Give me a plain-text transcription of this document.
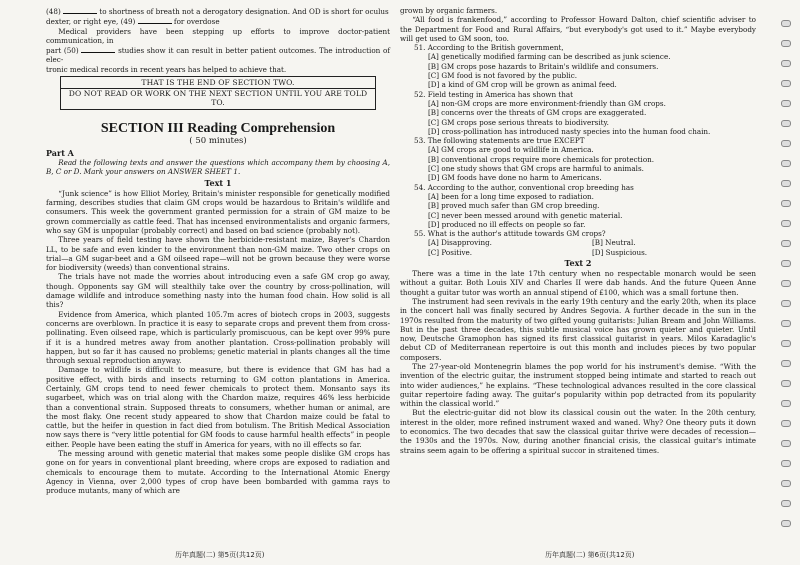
(48)	to shortness of breath not a derogatory designation. And OD is short for oculus

dexter, or right eye, (49)	for overdose

Medical providers have been stepping up efforts to improve doctor-patient communication, in

part (50)	studies show it can result in better patient outcomes. The introduction of elec-

tronic medical records in recent years has helped to achieve that.

THAT IS THE END OF SECTION TWO.
DO NOT READ OR WORK ON THE NEXT SECTION UNTIL YOU ARE TOLD TO.
SECTION III Reading Comprehension
( 50 minutes)
Part A

Read the following texts and answer the questions which accompany them by choosing A, B, C or D. Mark your answers on ANSWER SHEET 1.

Text 1

“Junk science” is how Elliot Morley, Britain's minister responsible for genetically modified farming, describes studies that claim GM crops would be hazardous to Britain's wildlife and consumers. This week the government granted permission for a strain of GM maize to be grown commercially as cattle feed. That has incensed environmentalists and organic farmers, who say GM is unpopular (probably correct) and based on bad science (probably not).

Three years of field testing have shown the herbicide-resistant maize, Bayer's Chardon LL, to be safe and even kinder to the environment than non-GM maize. Two other crops on trial—a GM sugar-beet and a GM oilseed rape—will not be grown because they were worse for biodiversity (weeds) than conventional strains.

The trials have not made the worries about introducing even a safe GM crop go away, though. Opponents say GM will stealthily take over the country by cross-pollination, will damage wildlife and introduce something nasty into the human food chain. How solid is all this?

Evidence from America, which planted 105.7m acres of biotech crops in 2003, suggests concerns are overblown. In practice it is easy to separate crops and prevent them from cross-pollinating. Even oilseed rape, which is particularly promiscuous, can be kept over 99% pure if it is a hundred metres away from another plantation. Cross-pollination probably will happen, but so far it has caused no problems; genetic material in plants changes all the time through sexual reproduction anyway.

Damage to wildlife is difficult to measure, but there is evidence that GM has had a positive effect, with birds and insects returning to GM cotton plantations in America. Certainly, GM crops tend to need fewer chemicals to protect them. Monsanto says its sugarbeet, which was on trial along with the Chardon maize, requires 46% less herbicide than a conventional strain. Supposed threats to consumers, whether human or animal, are the most flaky. One recent study appeared to show that Chardon maize could be fatal to cattle, but the heifer in question in fact died from botulism. The British Medical Association now says there is “very little potential for GM foods to cause harmful health effects” in people either. People have been eating the stuff in America for years, with no ill effects so far.

The messing around with genetic material that makes some people dislike GM crops has gone on for years in conventional plant breeding, where crops are exposed to radiation and chemicals to encourage them to mutate. According to the International Atomic Energy Agency in Vienna, over 2,000 types of crop have been bombarded with gamma rays to produce mutants, many of which are

grown by organic farmers.

“All food is frankenfood,” according to Professor Howard Dalton, chief scientific adviser to the Department for Food and Rural Affairs, “but everybody's got used to it.” Maybe everybody will get used to GM soon, too.

51. According to the British government,

[A] genetically modified farming can be described as junk science.

[B] GM crops pose hazards to Britain's wildlife and consumers.

[C] GM food is not favored by the public.

[D] a kind of GM crop will be grown as animal feed.

52. Field testing in America has shown that

[A] non-GM crops are more environment-friendly than GM crops.

[B] concerns over the threats of GM crops are exaggerated.

[C] GM crops pose serious threats to biodiversity.

[D] cross-pollination has introduced nasty species into the human food chain.

53. The following statements are true EXCEPT

[A] GM crops are good to wildlife in America.

[B] conventional crops require more chemicals for protection.

[C] one study shows that GM crops are harmful to animals.

[D] GM foods have done no harm to Americans.

54. According to the author, conventional crop breeding has

[A] been for a long time exposed to radiation.

[B] proved much safer than GM crop breeding.

[C] never been messed around with genetic material.

[D] produced no ill effects on people so far.

55. What is the author's attitude towards GM crops?

[A] Disapproving.	[B] Neutral.
[C] Positive.	[D] Suspicious.
Text 2

There was a time in the late 17th century when no respectable monarch would be seen without a guitar. Both Louis XIV and Charles II were dab hands. And the future Queen Anne thought a guitar tutor was worth an annual stipend of £100, which was a small fortune then.

The instrument had seen revivals in the early 19th century and the early 20th, when its place in the concert hall was finally secured by Andres Segovia. A further decade in the sun in the 1970s resulted from the maturity of two gifted young guitarists: Julian Bream and John Williams. But in the past three decades, this subtle musical voice has grown quieter and quieter. Until now, Deutsche Gramophon has signed its first classical guitarist in years. Milos Karadaglic's debut CD of Mediterranean repertoire is out this month and includes pieces by two popular composers.

The 27-year-old Montenegrin blames the pop world for his instrument's demise. “With the invention of the electric guitar, the instrument stopped being intimate and started to reach out into wider audiences,” he explains. “These technological advances resulted in the core classical guitar repertoire fading away. The guitar's popularity within pop detracted from its popularity within the classical world.”

But the electric-guitar did not blow its classical cousin out the water. In the 20th century, interest in the older, more refined instrument waxed and waned. Why? One theory puts it down to economics. The two decades that saw the classical guitar thrive were decades of recession—the 1930s and the 1970s. Now, during another financial crisis, the classical guitar's intimate strains seem again to be offering a spiritual succor in straitened times.

历年真题(二) 第5页(共12页)	历年真题(二) 第6页(共12页)
